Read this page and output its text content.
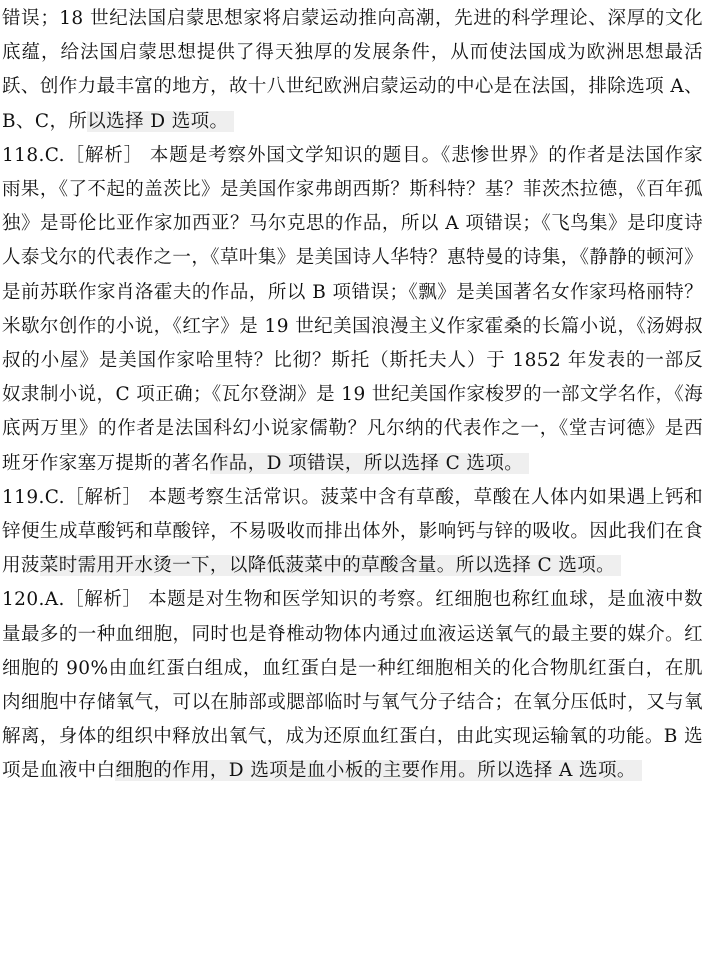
错误；18 世纪法国启蒙思想家将启蒙运动推向高潮，先进的科学理论、深厚的文化底蕴，给法国启蒙思想提供了得天独厚的发展条件，从而使法国成为欧洲思想最活跃、创作力最丰富的地方，故十八世纪欧洲启蒙运动的中心是在法国，排除选项 A、B、C，所以选择 D 选项。

118.C.［解析］ 本题是考察外国文学知识的题目。《悲惨世界》的作者是法国作家雨果，《了不起的盖茨比》是美国作家弗朗西斯？斯科特？基？菲茨杰拉德，《百年孤独》是哥伦比亚作家加西亚？马尔克思的作品，所以 A 项错误；《飞鸟集》是印度诗人泰戈尔的代表作之一，《草叶集》是美国诗人华特？惠特曼的诗集，《静静的顿河》是前苏联作家肖洛霍夫的作品，所以 B 项错误；《飘》是美国著名女作家玛格丽特？米歇尔创作的小说，《红字》是 19 世纪美国浪漫主义作家霍桑的长篇小说，《汤姆叔叔的小屋》是美国作家哈里特？比彻？斯托（斯托夫人）于 1852 年发表的一部反奴隶制小说，C 项正确；《瓦尔登湖》是 19 世纪美国作家梭罗的一部文学名作，《海底两万里》的作者是法国科幻小说家儒勒？凡尔纳的代表作之一，《堂吉诃德》是西班牙作家塞万提斯的著名作品，D 项错误，所以选择 C 选项。

119.C.［解析］ 本题考察生活常识。菠菜中含有草酸，草酸在人体内如果遇上钙和锌便生成草酸钙和草酸锌，不易吸收而排出体外，影响钙与锌的吸收。因此我们在食用菠菜时需用开水烫一下，以降低菠菜中的草酸含量。所以选择 C 选项。

120.A.［解析］ 本题是对生物和医学知识的考察。红细胞也称红血球，是血液中数量最多的一种血细胞，同时也是脊椎动物体内通过血液运送氧气的最主要的媒介。红细胞的 90%由血红蛋白组成，血红蛋白是一种红细胞相关的化合物肌红蛋白，在肌肉细胞中存储氧气，可以在肺部或腮部临时与氧气分子结合；在氧分压低时，又与氧解离，身体的组织中释放出氧气，成为还原血红蛋白，由此实现运输氧的功能。B 选项是血液中白细胞的作用，D 选项是血小板的主要作用。所以选择 A 选项。
